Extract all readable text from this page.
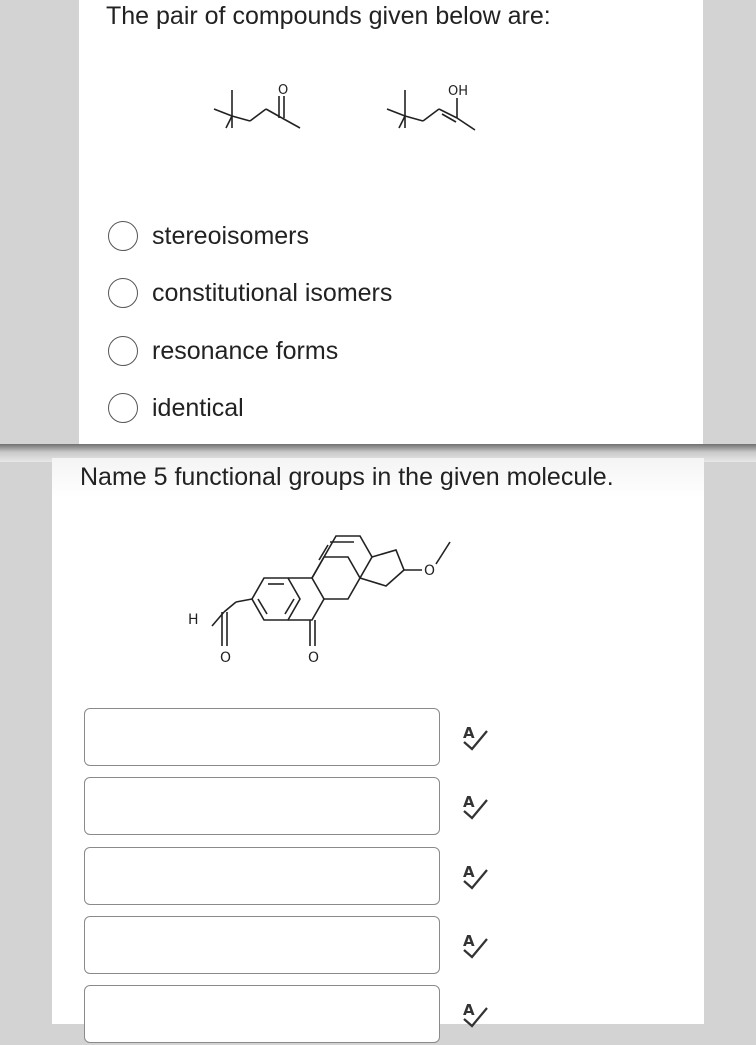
The pair of compounds given below are:
O	OH
stereoisomers
constitutional isomers
resonance forms
identical
Name 5 functional groups in the given molecule.
H
O	O
O
A
A
A
A
A
